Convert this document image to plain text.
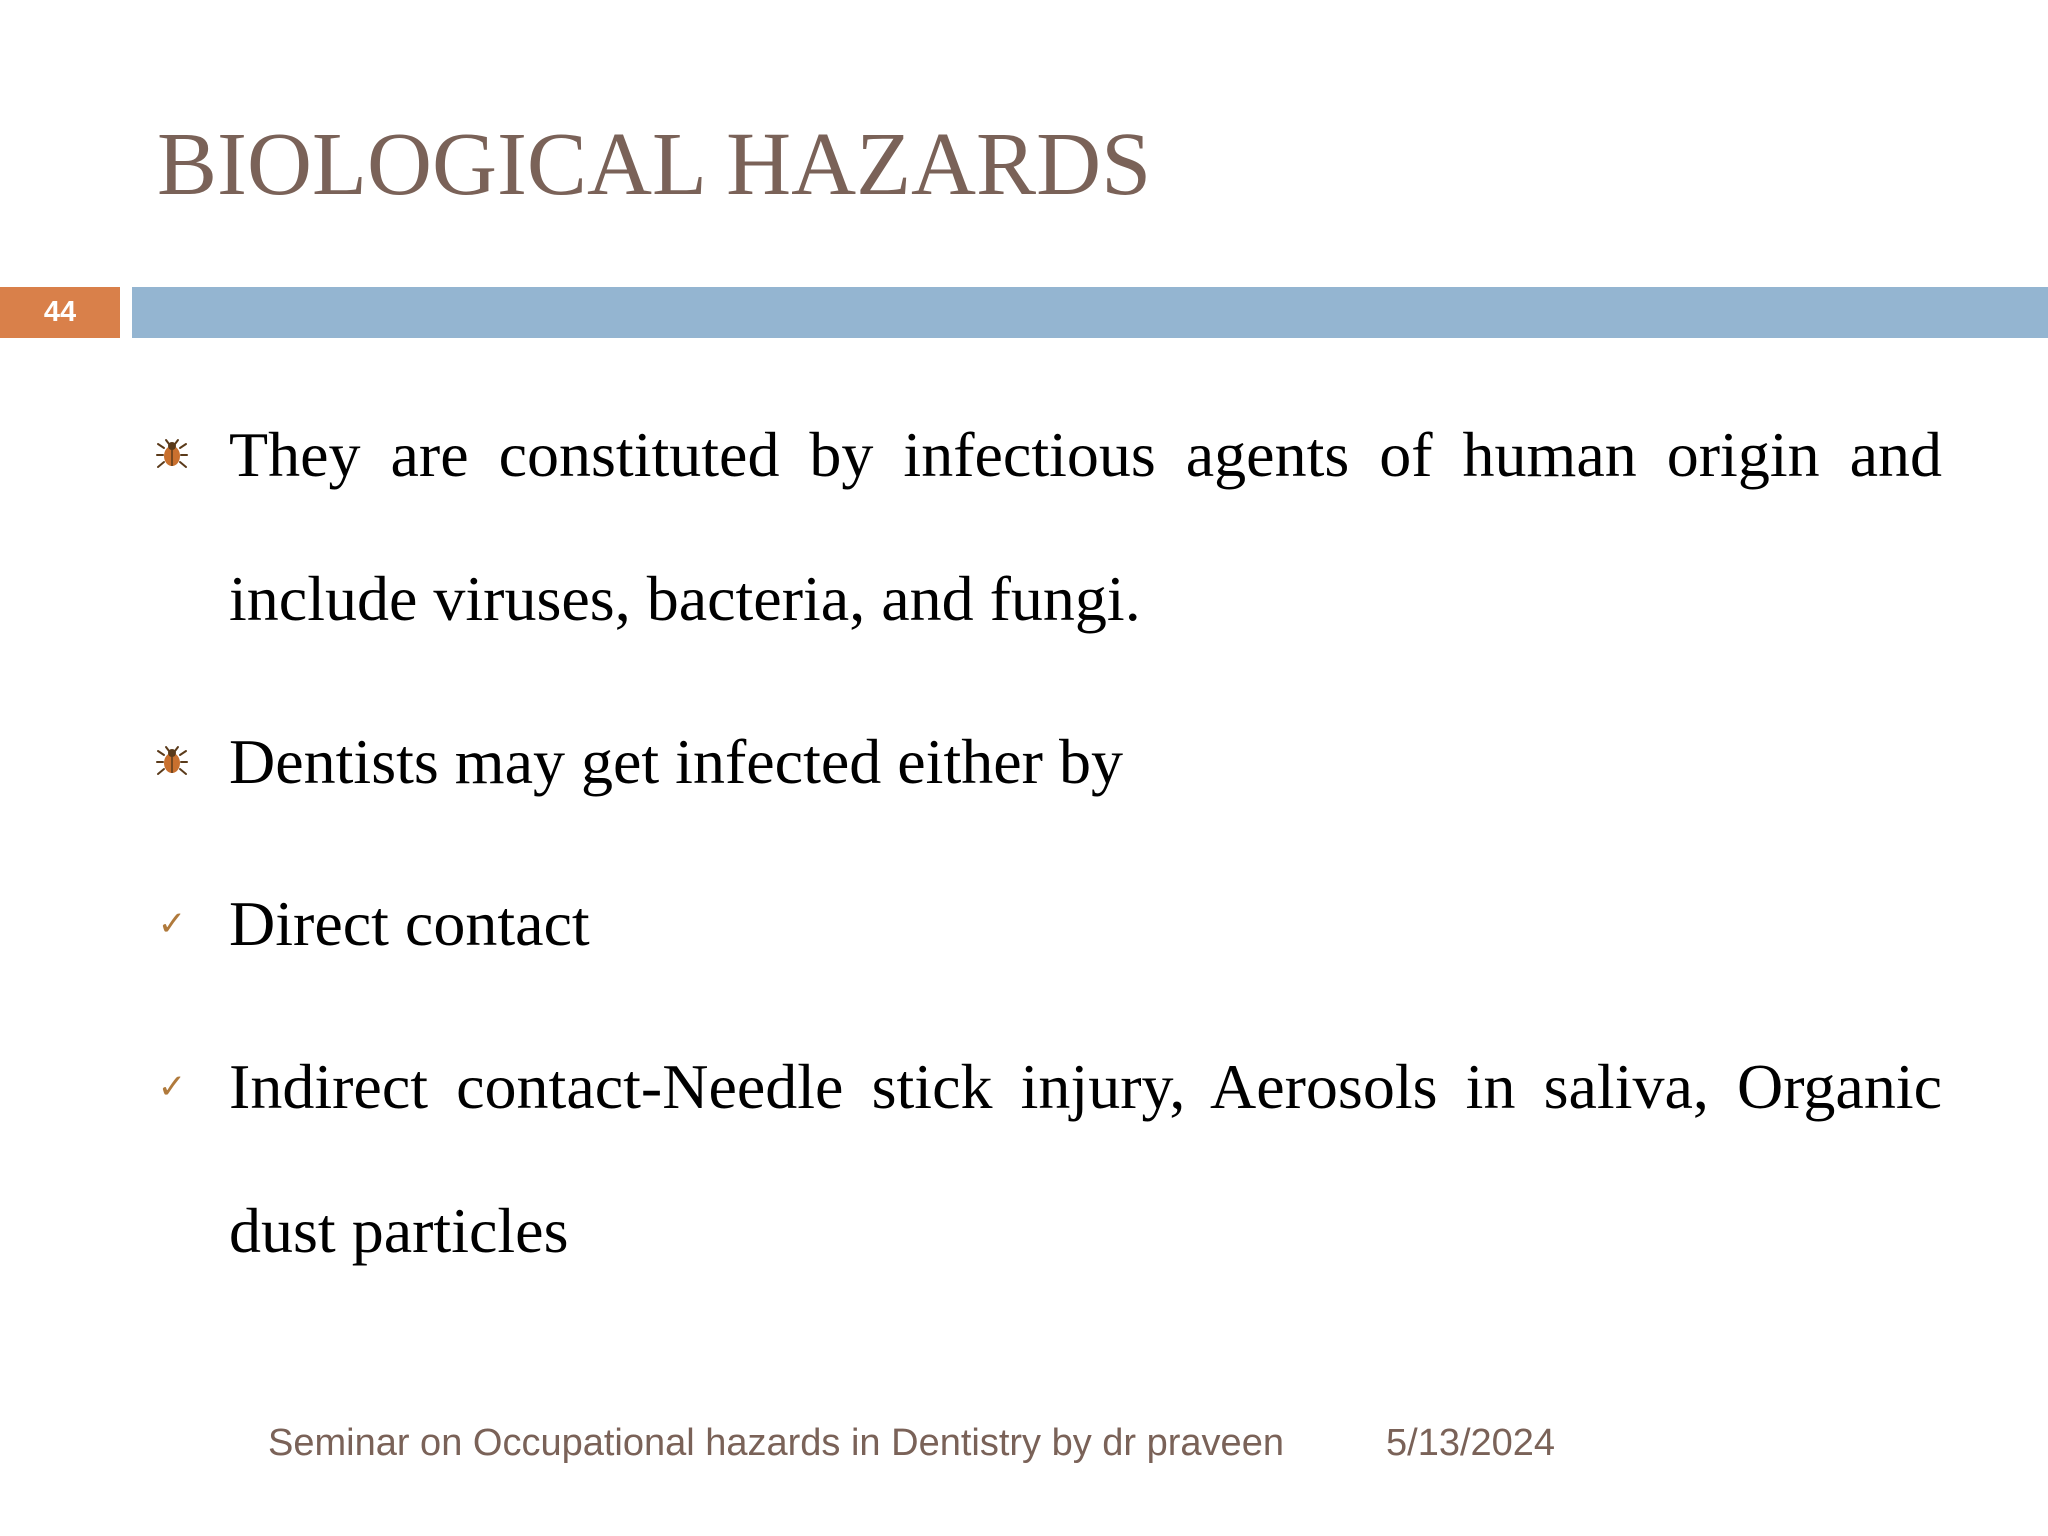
BIOLOGICAL HAZARDS
44
They are constituted by infectious agents of human origin and include viruses, bacteria, and fungi.
Dentists may get infected either by
✓ Direct contact
✓ Indirect contact-Needle stick injury, Aerosols in saliva, Organic dust particles
Seminar on Occupational hazards in Dentistry by dr praveen	5/13/2024
